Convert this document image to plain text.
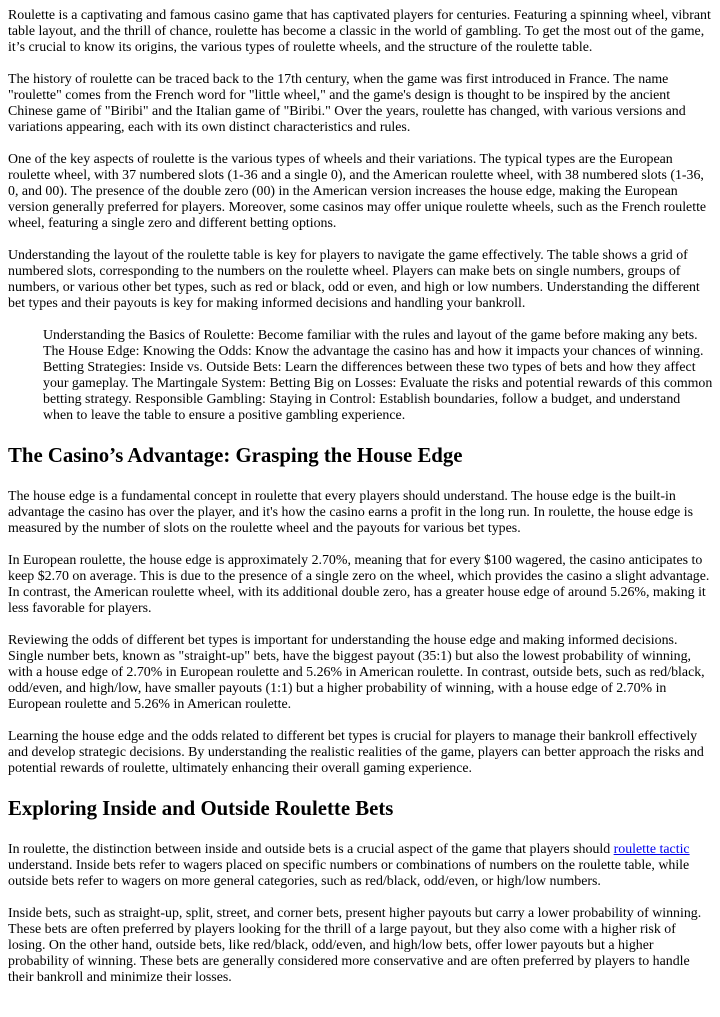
Roulette is a captivating and famous casino game that has captivated players for centuries. Featuring a spinning wheel, vibrant table layout, and the thrill of chance, roulette has become a classic in the world of gambling. To get the most out of the game, it’s crucial to know its origins, the various types of roulette wheels, and the structure of the roulette table.

The history of roulette can be traced back to the 17th century, when the game was first introduced in France. The name "roulette" comes from the French word for "little wheel," and the game's design is thought to be inspired by the ancient Chinese game of "Biribi" and the Italian game of "Biribi." Over the years, roulette has changed, with various versions and variations appearing, each with its own distinct characteristics and rules.

One of the key aspects of roulette is the various types of wheels and their variations. The typical types are the European roulette wheel, with 37 numbered slots (1-36 and a single 0), and the American roulette wheel, with 38 numbered slots (1-36, 0, and 00). The presence of the double zero (00) in the American version increases the house edge, making the European version generally preferred for players. Moreover, some casinos may offer unique roulette wheels, such as the French roulette wheel, featuring a single zero and different betting options.

Understanding the layout of the roulette table is key for players to navigate the game effectively. The table shows a grid of numbered slots, corresponding to the numbers on the roulette wheel. Players can make bets on single numbers, groups of numbers, or various other bet types, such as red or black, odd or even, and high or low numbers. Understanding the different bet types and their payouts is key for making informed decisions and handling your bankroll.

Understanding the Basics of Roulette: Become familiar with the rules and layout of the game before making any bets. The House Edge: Knowing the Odds: Know the advantage the casino has and how it impacts your chances of winning. Betting Strategies: Inside vs. Outside Bets: Learn the differences between these two types of bets and how they affect your gameplay. The Martingale System: Betting Big on Losses: Evaluate the risks and potential rewards of this common betting strategy. Responsible Gambling: Staying in Control: Establish boundaries, follow a budget, and understand when to leave the table to ensure a positive gambling experience.
The Casino’s Advantage: Grasping the House Edge

The house edge is a fundamental concept in roulette that every players should understand. The house edge is the built-in advantage the casino has over the player, and it's how the casino earns a profit in the long run. In roulette, the house edge is measured by the number of slots on the roulette wheel and the payouts for various bet types.

In European roulette, the house edge is approximately 2.70%, meaning that for every $100 wagered, the casino anticipates to keep $2.70 on average. This is due to the presence of a single zero on the wheel, which provides the casino a slight advantage. In contrast, the American roulette wheel, with its additional double zero, has a greater house edge of around 5.26%, making it less favorable for players.

Reviewing the odds of different bet types is important for understanding the house edge and making informed decisions. Single number bets, known as "straight-up" bets, have the biggest payout (35:1) but also the lowest probability of winning, with a house edge of 2.70% in European roulette and 5.26% in American roulette. In contrast, outside bets, such as red/black, odd/even, and high/low, have smaller payouts (1:1) but a higher probability of winning, with a house edge of 2.70% in European roulette and 5.26% in American roulette.

Learning the house edge and the odds related to different bet types is crucial for players to manage their bankroll effectively and develop strategic decisions. By understanding the realistic realities of the game, players can better approach the risks and potential rewards of roulette, ultimately enhancing their overall gaming experience.

Exploring Inside and Outside Roulette Bets

In roulette, the distinction between inside and outside bets is a crucial aspect of the game that players should roulette tactic understand. Inside bets refer to wagers placed on specific numbers or combinations of numbers on the roulette table, while outside bets refer to wagers on more general categories, such as red/black, odd/even, or high/low numbers.

Inside bets, such as straight-up, split, street, and corner bets, present higher payouts but carry a lower probability of winning. These bets are often preferred by players looking for the thrill of a large payout, but they also come with a higher risk of losing. On the other hand, outside bets, like red/black, odd/even, and high/low bets, offer lower payouts but a higher probability of winning. These bets are generally considered more conservative and are often preferred by players to handle their bankroll and minimize their losses.
